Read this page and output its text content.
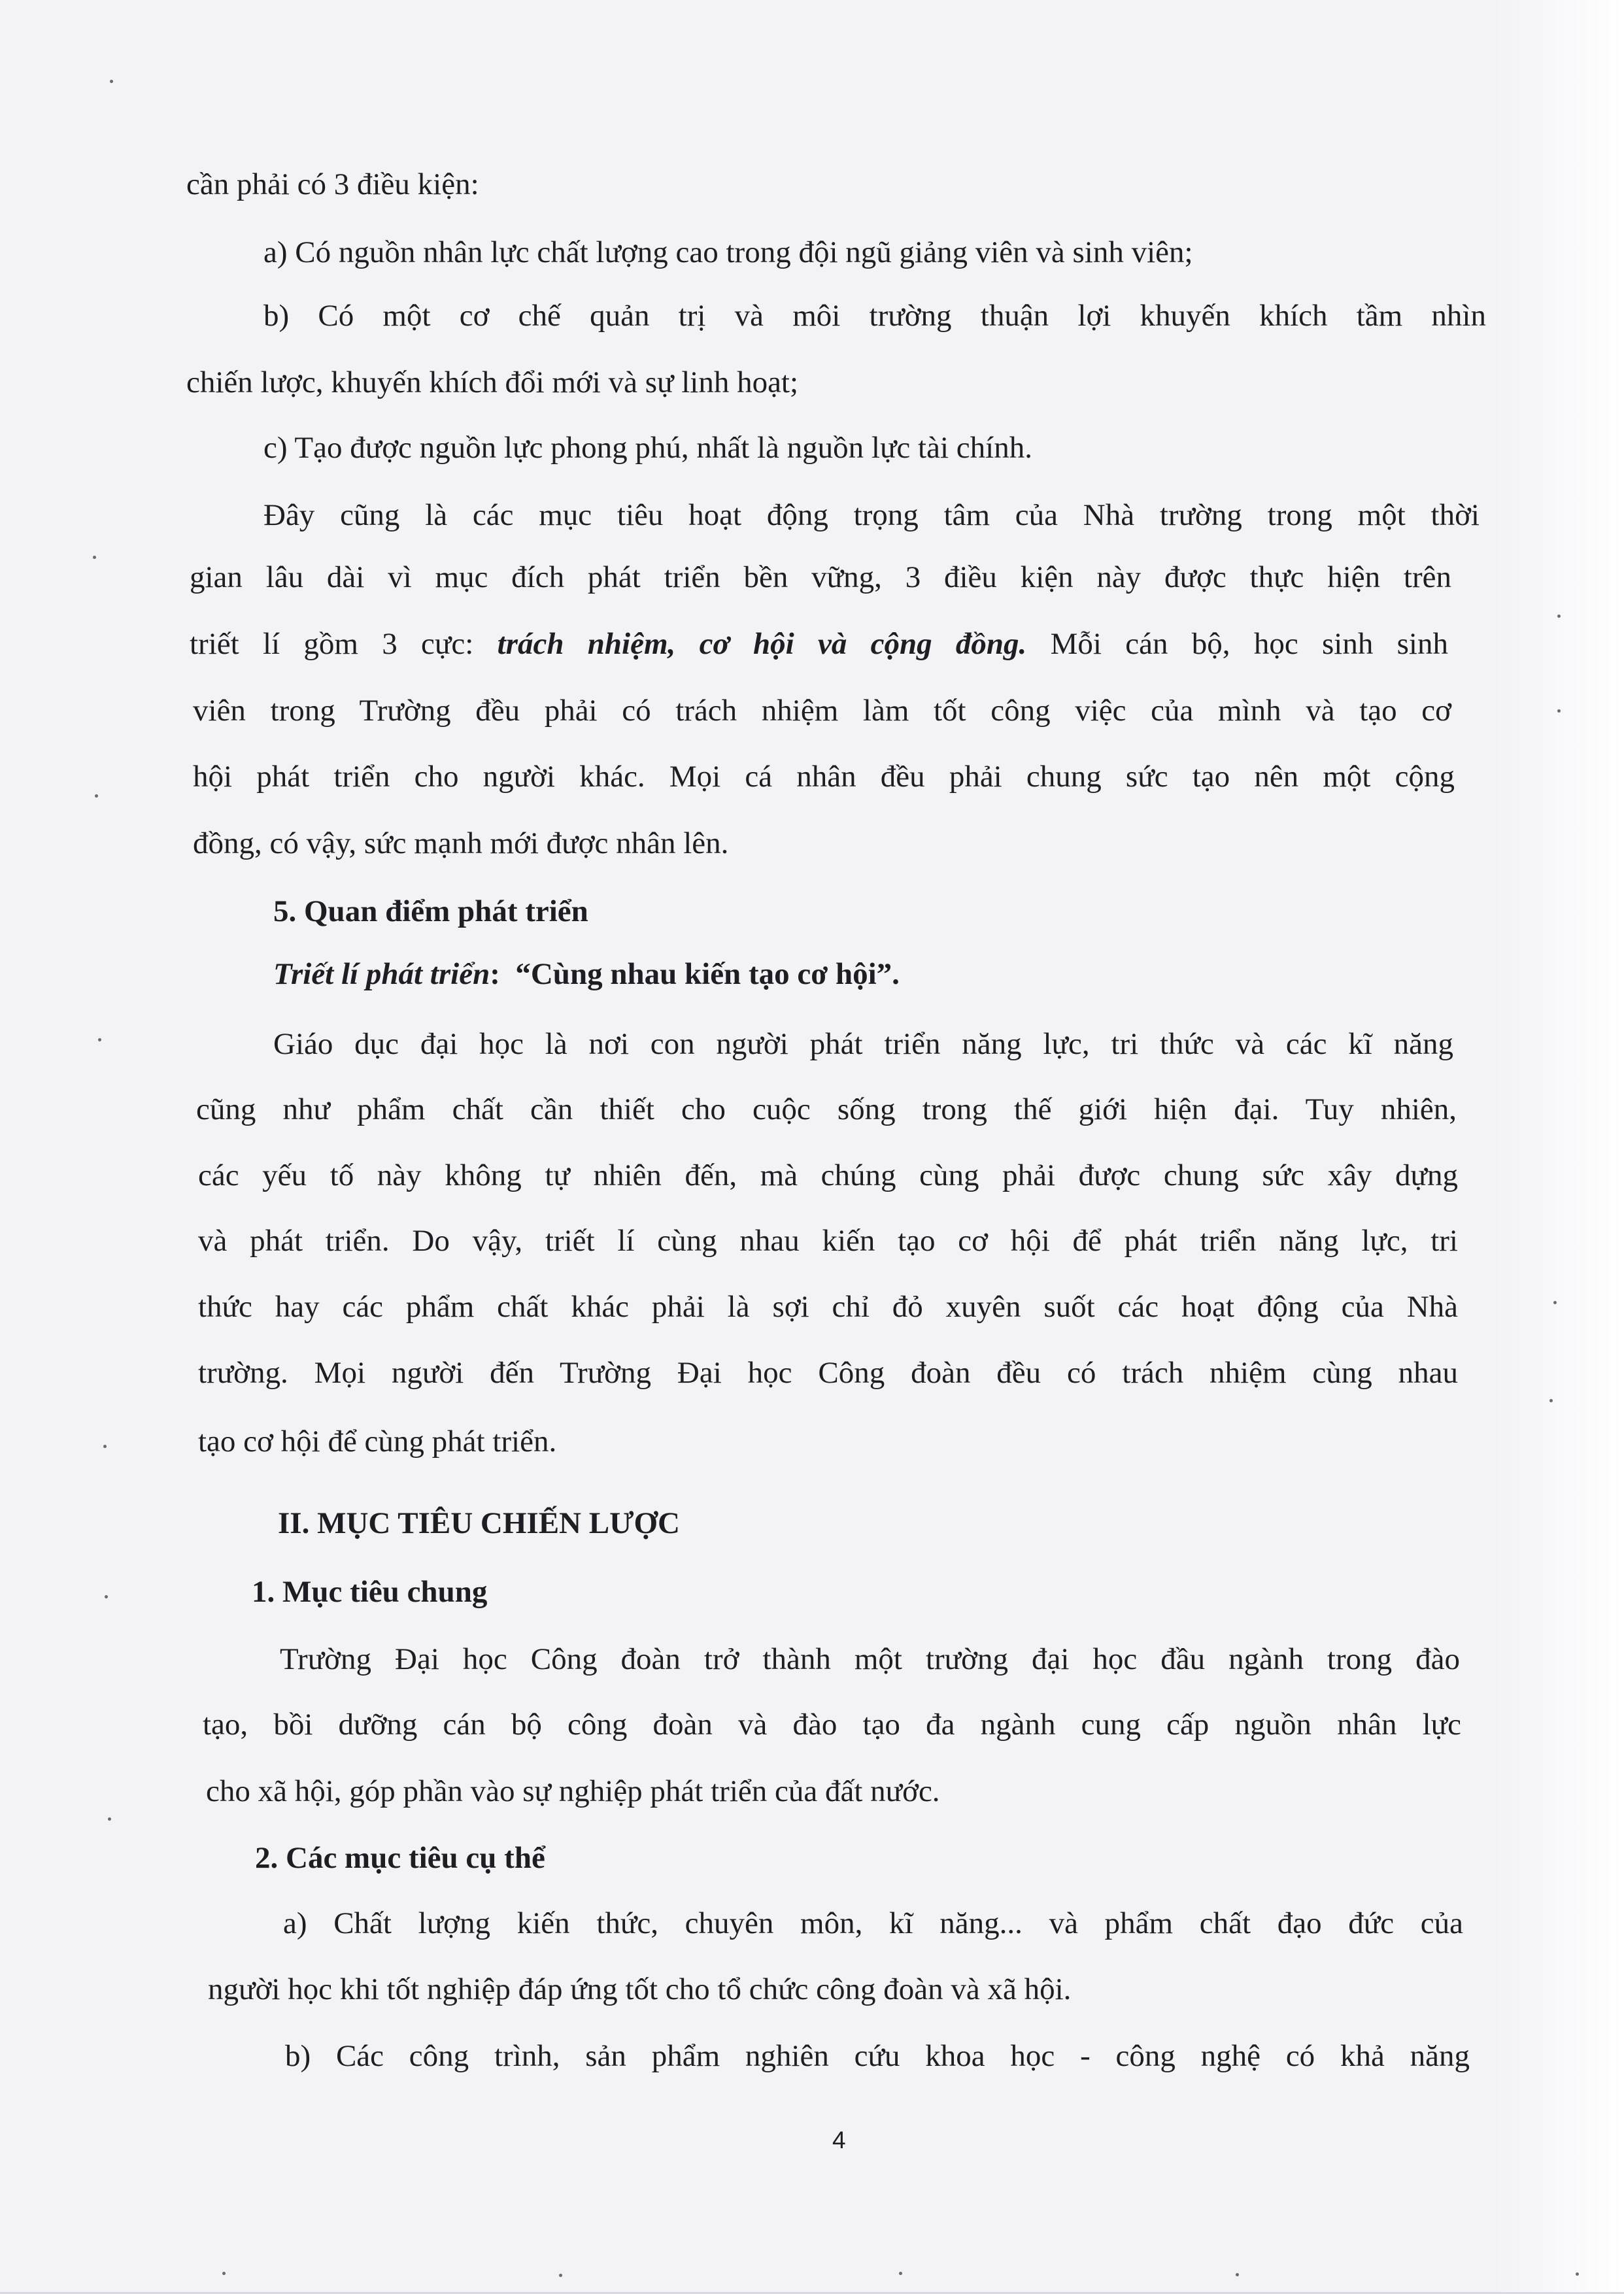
cần phải có 3 điều kiện:

a) Có nguồn nhân lực chất lượng cao trong đội ngũ giảng viên và sinh viên;

b) Có một cơ chế quản trị và môi trường thuận lợi khuyến khích tầm nhìn

chiến lược, khuyến khích đổi mới và sự linh hoạt;

c) Tạo được nguồn lực phong phú, nhất là nguồn lực tài chính.

Đây cũng là các mục tiêu hoạt động trọng tâm của Nhà trường trong một thời

gian lâu dài vì mục đích phát triển bền vững, 3 điều kiện này được thực hiện trên

triết lí gồm 3 cực: trách nhiệm, cơ hội và cộng đồng. Mỗi cán bộ, học sinh sinh

viên trong Trường đều phải có trách nhiệm làm tốt công việc của mình và tạo cơ

hội phát triển cho người khác. Mọi cá nhân đều phải chung sức tạo nên một cộng

đồng, có vậy, sức mạnh mới được nhân lên.

5. Quan điểm phát triển

Triết lí phát triển: “Cùng nhau kiến tạo cơ hội”.

Giáo dục đại học là nơi con người phát triển năng lực, tri thức và các kĩ năng

cũng như phẩm chất cần thiết cho cuộc sống trong thế giới hiện đại. Tuy nhiên,

các yếu tố này không tự nhiên đến, mà chúng cùng phải được chung sức xây dựng

và phát triển. Do vậy, triết lí cùng nhau kiến tạo cơ hội để phát triển năng lực, tri

thức hay các phẩm chất khác phải là sợi chỉ đỏ xuyên suốt các hoạt động của Nhà

trường. Mọi người đến Trường Đại học Công đoàn đều có trách nhiệm cùng nhau

tạo cơ hội để cùng phát triển.

II. MỤC TIÊU CHIẾN LƯỢC

1. Mục tiêu chung

Trường Đại học Công đoàn trở thành một trường đại học đầu ngành trong đào

tạo, bồi dưỡng cán bộ công đoàn và đào tạo đa ngành cung cấp nguồn nhân lực

cho xã hội, góp phần vào sự nghiệp phát triển của đất nước.

2. Các mục tiêu cụ thể

a) Chất lượng kiến thức, chuyên môn, kĩ năng... và phẩm chất đạo đức của

người học khi tốt nghiệp đáp ứng tốt cho tổ chức công đoàn và xã hội.

b) Các công trình, sản phẩm nghiên cứu khoa học - công nghệ có khả năng

4
